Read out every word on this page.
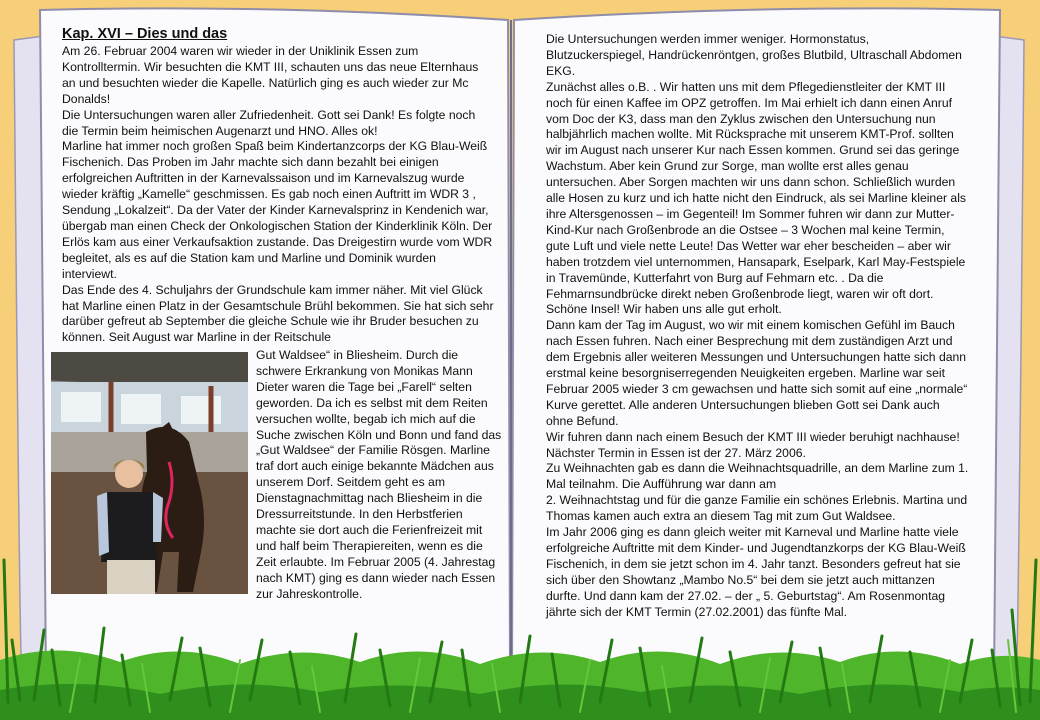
Kap. XVI – Dies und das
Am 26. Februar 2004 waren wir wieder in der Uniklinik Essen zum Kontrolltermin. Wir besuchten die KMT III, schauten uns das neue Elternhaus an und besuchten wieder die Kapelle. Natürlich ging es auch wieder zur Mc Donalds!
Die Untersuchungen waren aller Zufriedenheit. Gott sei Dank! Es folgte noch die Termin beim heimischen Augenarzt und HNO. Alles ok!
Marline hat immer noch großen Spaß beim Kindertanzcorps der KG Blau-Weiß Fischenich. Das Proben im Jahr machte sich dann bezahlt bei einigen erfolgreichen Auftritten in der Karnevalssaison und im Karnevalszug wurde wieder kräftig „Kamelle“ geschmissen. Es gab noch einen Auftritt im WDR 3 , Sendung „Lokalzeit“. Da der Vater der Kinder Karnevalsprinz in Kendenich war, übergab man einen Check der Onkologischen Station der Kinderklinik Köln. Der Erlös kam aus einer Verkaufsaktion zustande. Das Dreigestirn wurde vom WDR begleitet, als es auf die Station kam und Marline und Dominik wurden interviewt.
Das Ende des 4. Schuljahrs der Grundschule kam immer näher. Mit viel Glück hat Marline einen Platz in der Gesamtschule Brühl bekommen. Sie hat sich sehr darüber gefreut ab September die gleiche Schule wie ihr Bruder besuchen zu können. Seit August war Marline in der Reitschule
Gut Waldsee“ in Bliesheim. Durch die schwere Erkrankung von Monikas Mann Dieter waren die Tage bei „Farell“ selten geworden. Da ich es selbst mit dem Reiten versuchen wollte, begab ich mich auf die Suche zwischen Köln und Bonn und fand das „Gut Waldsee“ der Familie Rösgen. Marline traf dort auch einige bekannte Mädchen aus unserem Dorf. Seitdem geht es am Dienstagnachmittag nach Bliesheim in die Dressurreitstunde. In den Herbstferien machte sie dort auch die Ferienfreizeit mit und half beim Therapiereiten, wenn es die Zeit erlaubte. Im Februar 2005 (4. Jahrestag nach KMT) ging es dann wieder nach Essen zur Jahreskontrolle.
Die Untersuchungen werden immer weniger. Hormonstatus, Blutzuckerspiegel, Handrückenröntgen, großes Blutbild, Ultraschall Abdomen EKG.
Zunächst alles o.B. . Wir hatten uns mit dem Pflegedienstleiter der KMT III noch für einen Kaffee im OPZ getroffen. Im Mai erhielt ich dann einen Anruf vom Doc der K3, dass man den Zyklus zwischen den Untersuchung nun halbjährlich machen wollte. Mit Rücksprache mit unserem KMT-Prof. sollten wir im August nach unserer Kur nach Essen kommen. Grund sei das geringe Wachstum. Aber kein Grund zur Sorge, man wollte erst alles genau untersuchen. Aber Sorgen machten wir uns dann schon. Schließlich wurden alle Hosen zu kurz und ich hatte nicht den Eindruck, als sei Marline kleiner als ihre Altersgenossen – im Gegenteil! Im Sommer fuhren wir dann zur Mutter-Kind-Kur nach Großenbrode an die Ostsee – 3 Wochen mal keine Termin, gute Luft und viele nette Leute! Das Wetter war eher bescheiden – aber wir haben trotzdem viel unternommen, Hansapark, Eselpark, Karl May-Festspiele in Travemünde, Kutterfahrt von Burg auf Fehmarn etc. . Da die Fehmarnsundbrücke direkt neben Großenbrode liegt, waren wir oft dort. Schöne Insel! Wir haben uns alle gut erholt.
Dann kam der Tag im August, wo wir mit einem komischen Gefühl im Bauch nach Essen fuhren. Nach einer Besprechung mit dem zuständigen Arzt und dem Ergebnis aller weiteren Messungen und Untersuchungen hatte sich dann erstmal keine besorgniserregenden Neuigkeiten ergeben. Marline war seit Februar 2005 wieder 3 cm gewachsen und hatte sich somit auf eine „normale“ Kurve gerettet. Alle anderen Untersuchungen blieben Gott sei Dank auch ohne Befund.
Wir fuhren dann nach einem Besuch der KMT III wieder beruhigt nachhause! Nächster Termin in Essen ist der 27. März 2006.
Zu Weihnachten gab es dann die Weihnachtsquadrille, an dem Marline zum 1. Mal teilnahm. Die Aufführung war dann am
2. Weihnachtstag und für die ganze Familie ein schönes Erlebnis. Martina und Thomas kamen auch extra an diesem Tag mit zum Gut Waldsee.
Im Jahr 2006 ging es dann gleich weiter mit Karneval und Marline hatte viele erfolgreiche Auftritte mit dem Kinder- und Jugendtanzkorps der KG Blau-Weiß Fischenich, in dem sie jetzt schon im 4. Jahr tanzt. Besonders gefreut hat sie sich über den Showtanz „Mambo No.5“ bei dem sie jetzt auch mittanzen durfte. Und dann kam der 27.02. – der „ 5. Geburtstag“. Am Rosenmontag jährte sich der KMT Termin (27.02.2001) das fünfte Mal.
